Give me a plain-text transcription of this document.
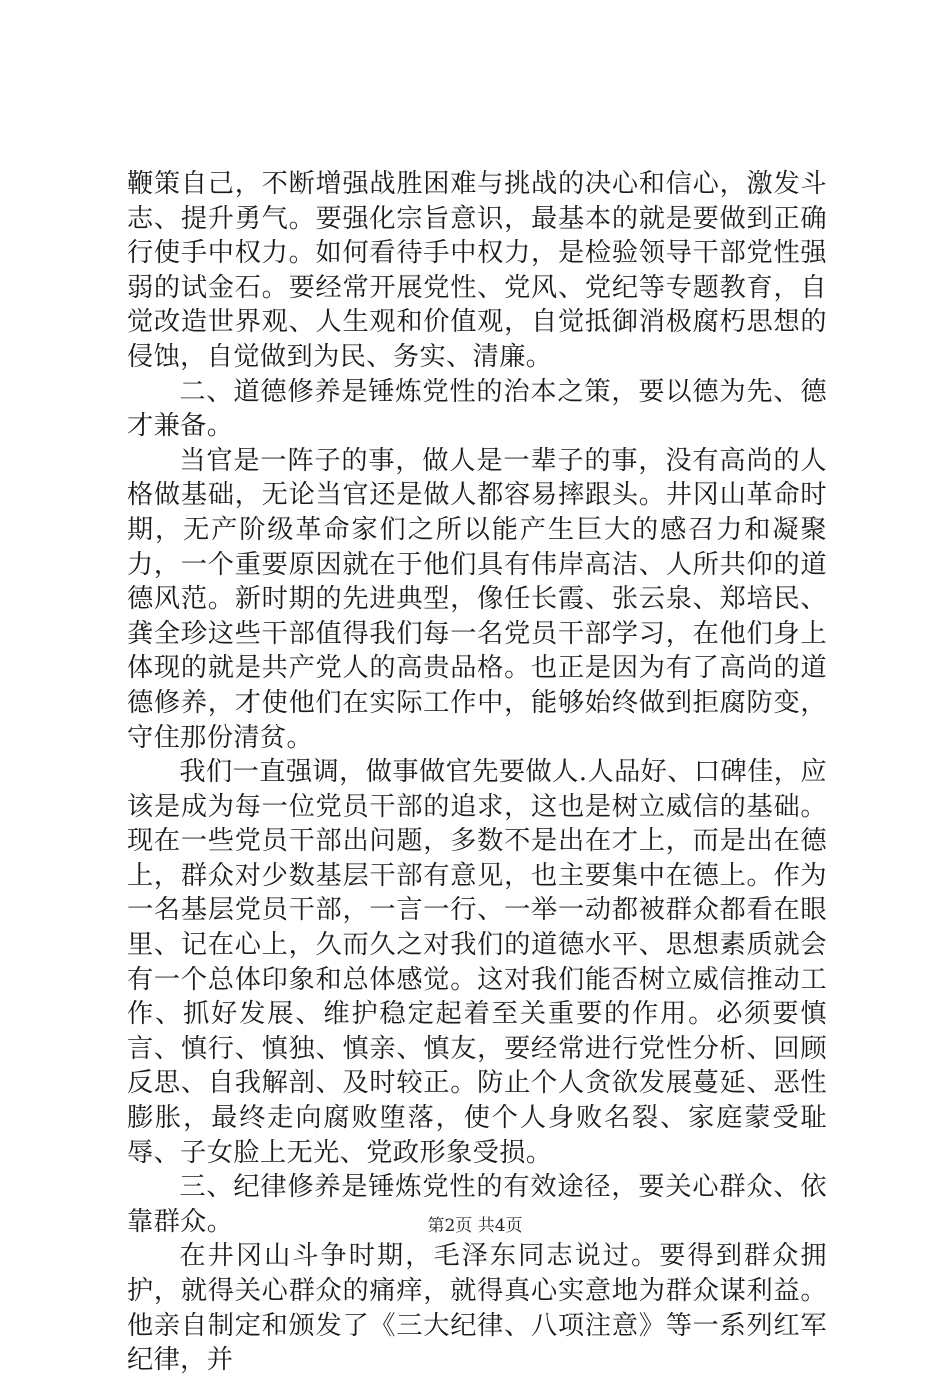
鞭策自己，不断增强战胜困难与挑战的决心和信心，激发斗志、提升勇气。要强化宗旨意识，最基本的就是要做到正确行使手中权力。如何看待手中权力，是检验领导干部党性强弱的试金石。要经常开展党性、党风、党纪等专题教育，自觉改造世界观、人生观和价值观，自觉抵御消极腐朽思想的侵蚀，自觉做到为民、务实、清廉。

二、道德修养是锤炼党性的治本之策，要以德为先、德才兼备。

当官是一阵子的事，做人是一辈子的事，没有高尚的人格做基础，无论当官还是做人都容易摔跟头。井冈山革命时期，无产阶级革命家们之所以能产生巨大的感召力和凝聚力，一个重要原因就在于他们具有伟岸高洁、人所共仰的道德风范。新时期的先进典型，像任长霞、张云泉、郑培民、龚全珍这些干部值得我们每一名党员干部学习，在他们身上体现的就是共产党人的高贵品格。也正是因为有了高尚的道德修养，才使他们在实际工作中，能够始终做到拒腐防变，守住那份清贫。

我们一直强调，做事做官先要做人.人品好、口碑佳，应该是成为每一位党员干部的追求，这也是树立威信的基础。现在一些党员干部出问题，多数不是出在才上，而是出在德上，群众对少数基层干部有意见，也主要集中在德上。作为一名基层党员干部，一言一行、一举一动都被群众都看在眼里、记在心上，久而久之对我们的道德水平、思想素质就会有一个总体印象和总体感觉。这对我们能否树立威信推动工作、抓好发展、维护稳定起着至关重要的作用。必须要慎言、慎行、慎独、慎亲、慎友，要经常进行党性分析、回顾反思、自我解剖、及时较正。防止个人贪欲发展蔓延、恶性膨胀，最终走向腐败堕落，使个人身败名裂、家庭蒙受耻辱、子女脸上无光、党政形象受损。

三、纪律修养是锤炼党性的有效途径，要关心群众、依靠群众。

在井冈山斗争时期，毛泽东同志说过。要得到群众拥护，就得关心群众的痛痒，就得真心实意地为群众谋利益。他亲自制定和颁发了《三大纪律、八项注意》等一系列红军纪律，并

第2页 共4页
